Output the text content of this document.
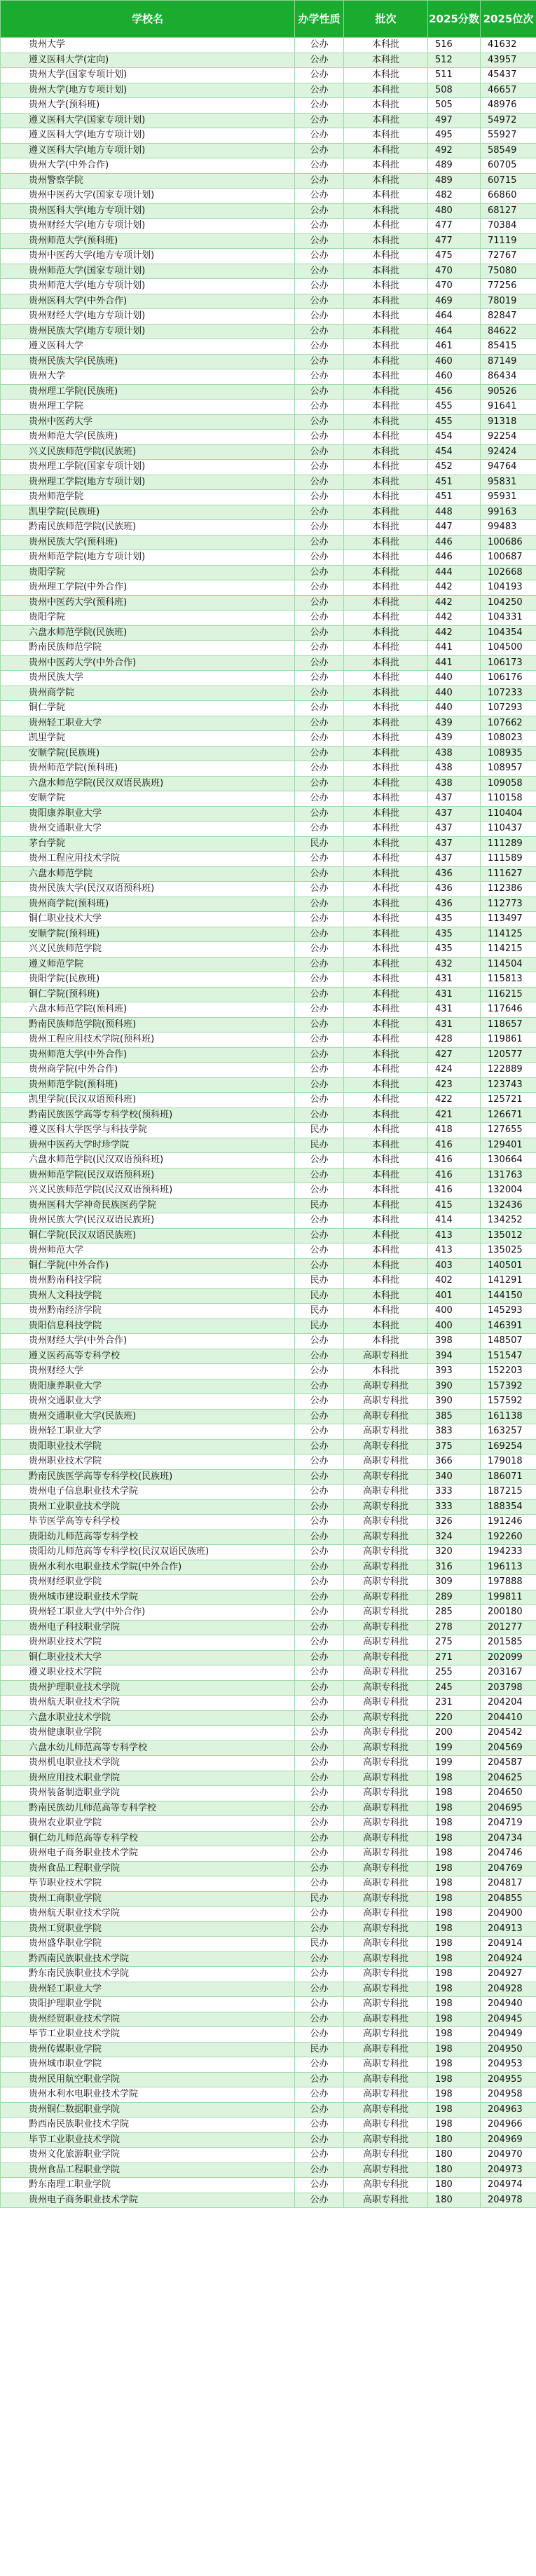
学校名	办学性质	批次	2025分数	2025位次
贵州大学	公办	本科批	516	41632
遵义医科大学(定向)	公办	本科批	512	43957
贵州大学(国家专项计划)	公办	本科批	511	45437
贵州大学(地方专项计划)	公办	本科批	508	46657
贵州大学(预科班)	公办	本科批	505	48976
遵义医科大学(国家专项计划)	公办	本科批	497	54972
遵义医科大学(地方专项计划)	公办	本科批	495	55927
遵义医科大学(地方专项计划)	公办	本科批	492	58549
贵州大学(中外合作)	公办	本科批	489	60705
贵州警察学院	公办	本科批	489	60715
贵州中医药大学(国家专项计划)	公办	本科批	482	66860
贵州医科大学(地方专项计划)	公办	本科批	480	68127
贵州财经大学(地方专项计划)	公办	本科批	477	70384
贵州师范大学(预科班)	公办	本科批	477	71119
贵州中医药大学(地方专项计划)	公办	本科批	475	72767
贵州师范大学(国家专项计划)	公办	本科批	470	75080
贵州师范大学(地方专项计划)	公办	本科批	470	77256
贵州医科大学(中外合作)	公办	本科批	469	78019
贵州财经大学(地方专项计划)	公办	本科批	464	82847
贵州民族大学(地方专项计划)	公办	本科批	464	84622
遵义医科大学	公办	本科批	461	85415
贵州民族大学(民族班)	公办	本科批	460	87149
贵州大学	公办	本科批	460	86434
贵州理工学院(民族班)	公办	本科批	456	90526
贵州理工学院	公办	本科批	455	91641
贵州中医药大学	公办	本科批	455	91318
贵州师范大学(民族班)	公办	本科批	454	92254
兴义民族师范学院(民族班)	公办	本科批	454	92424
贵州理工学院(国家专项计划)	公办	本科批	452	94764
贵州理工学院(地方专项计划)	公办	本科批	451	95831
贵州师范学院	公办	本科批	451	95931
凯里学院(民族班)	公办	本科批	448	99163
黔南民族师范学院(民族班)	公办	本科批	447	99483
贵州民族大学(预科班)	公办	本科批	446	100686
贵州师范学院(地方专项计划)	公办	本科批	446	100687
贵阳学院	公办	本科批	444	102668
贵州理工学院(中外合作)	公办	本科批	442	104193
贵州中医药大学(预科班)	公办	本科批	442	104250
贵阳学院	公办	本科批	442	104331
六盘水师范学院(民族班)	公办	本科批	442	104354
黔南民族师范学院	公办	本科批	441	104500
贵州中医药大学(中外合作)	公办	本科批	441	106173
贵州民族大学	公办	本科批	440	106176
贵州商学院	公办	本科批	440	107233
铜仁学院	公办	本科批	440	107293
贵州轻工职业大学	公办	本科批	439	107662
凯里学院	公办	本科批	439	108023
安顺学院(民族班)	公办	本科批	438	108935
贵州师范学院(预科班)	公办	本科批	438	108957
六盘水师范学院(民汉双语民族班)	公办	本科批	438	109058
安顺学院	公办	本科批	437	110158
贵阳康养职业大学	公办	本科批	437	110404
贵州交通职业大学	公办	本科批	437	110437
茅台学院	民办	本科批	437	111289
贵州工程应用技术学院	公办	本科批	437	111589
六盘水师范学院	公办	本科批	436	111627
贵州民族大学(民汉双语预科班)	公办	本科批	436	112386
贵州商学院(预科班)	公办	本科批	436	112773
铜仁职业技术大学	公办	本科批	435	113497
安顺学院(预科班)	公办	本科批	435	114125
兴义民族师范学院	公办	本科批	435	114215
遵义师范学院	公办	本科批	432	114504
贵阳学院(民族班)	公办	本科批	431	115813
铜仁学院(预科班)	公办	本科批	431	116215
六盘水师范学院(预科班)	公办	本科批	431	117646
黔南民族师范学院(预科班)	公办	本科批	431	118657
贵州工程应用技术学院(预科班)	公办	本科批	428	119861
贵州师范大学(中外合作)	公办	本科批	427	120577
贵州商学院(中外合作)	公办	本科批	424	122889
贵州师范学院(预科班)	公办	本科批	423	123743
凯里学院(民汉双语预科班)	公办	本科批	422	125721
黔南民族医学高等专科学校(预科班)	公办	本科批	421	126671
遵义医科大学医学与科技学院	民办	本科批	418	127655
贵州中医药大学时珍学院	民办	本科批	416	129401
六盘水师范学院(民汉双语预科班)	公办	本科批	416	130664
贵州师范学院(民汉双语预科班)	公办	本科批	416	131763
兴义民族师范学院(民汉双语预科班)	公办	本科批	416	132004
贵州医科大学神奇民族医药学院	民办	本科批	415	132436
贵州民族大学(民汉双语民族班)	公办	本科批	414	134252
铜仁学院(民汉双语民族班)	公办	本科批	413	135012
贵州师范大学	公办	本科批	413	135025
铜仁学院(中外合作)	公办	本科批	403	140501
贵州黔南科技学院	民办	本科批	402	141291
贵州人文科技学院	民办	本科批	401	144150
贵州黔南经济学院	民办	本科批	400	145293
贵阳信息科技学院	民办	本科批	400	146391
贵州财经大学(中外合作)	公办	本科批	398	148507
遵义医药高等专科学校	公办	高职专科批	394	151547
贵州财经大学	公办	本科批	393	152203
贵阳康养职业大学	公办	高职专科批	390	157392
贵州交通职业大学	公办	高职专科批	390	157592
贵州交通职业大学(民族班)	公办	高职专科批	385	161138
贵州轻工职业大学	公办	高职专科批	383	163257
贵阳职业技术学院	公办	高职专科批	375	169254
贵州职业技术学院	公办	高职专科批	366	179018
黔南民族医学高等专科学校(民族班)	公办	高职专科批	340	186071
贵州电子信息职业技术学院	公办	高职专科批	333	187215
贵州工业职业技术学院	公办	高职专科批	333	188354
毕节医学高等专科学校	公办	高职专科批	326	191246
贵阳幼儿师范高等专科学校	公办	高职专科批	324	192260
贵阳幼儿师范高等专科学校(民汉双语民族班)	公办	高职专科批	320	194233
贵州水利水电职业技术学院(中外合作)	公办	高职专科批	316	196113
贵州财经职业学院	公办	高职专科批	309	197888
贵州城市建设职业技术学院	公办	高职专科批	289	199811
贵州轻工职业大学(中外合作)	公办	高职专科批	285	200180
贵州电子科技职业学院	公办	高职专科批	278	201277
贵州职业技术学院	公办	高职专科批	275	201585
铜仁职业技术大学	公办	高职专科批	271	202099
遵义职业技术学院	公办	高职专科批	255	203167
贵州护理职业技术学院	公办	高职专科批	245	203798
贵州航天职业技术学院	公办	高职专科批	231	204204
六盘水职业技术学院	公办	高职专科批	220	204410
贵州健康职业学院	公办	高职专科批	200	204542
六盘水幼儿师范高等专科学校	公办	高职专科批	199	204569
贵州机电职业技术学院	公办	高职专科批	199	204587
贵州应用技术职业学院	公办	高职专科批	198	204625
贵州装备制造职业学院	公办	高职专科批	198	204650
黔南民族幼儿师范高等专科学校	公办	高职专科批	198	204695
贵州农业职业学院	公办	高职专科批	198	204719
铜仁幼儿师范高等专科学校	公办	高职专科批	198	204734
贵州电子商务职业技术学院	公办	高职专科批	198	204746
贵州食品工程职业学院	公办	高职专科批	198	204769
毕节职业技术学院	公办	高职专科批	198	204817
贵州工商职业学院	民办	高职专科批	198	204855
贵州航天职业技术学院	公办	高职专科批	198	204900
贵州工贸职业学院	公办	高职专科批	198	204913
贵州盛华职业学院	民办	高职专科批	198	204914
黔西南民族职业技术学院	公办	高职专科批	198	204924
黔东南民族职业技术学院	公办	高职专科批	198	204927
贵州轻工职业大学	公办	高职专科批	198	204928
贵阳护理职业学院	公办	高职专科批	198	204940
贵州经贸职业技术学院	公办	高职专科批	198	204945
毕节工业职业技术学院	公办	高职专科批	198	204949
贵州传媒职业学院	民办	高职专科批	198	204950
贵州城市职业学院	公办	高职专科批	198	204953
贵州民用航空职业学院	公办	高职专科批	198	204955
贵州水利水电职业技术学院	公办	高职专科批	198	204958
贵州铜仁数据职业学院	公办	高职专科批	198	204963
黔西南民族职业技术学院	公办	高职专科批	198	204966
毕节工业职业技术学院	公办	高职专科批	180	204969
贵州文化旅游职业学院	公办	高职专科批	180	204970
贵州食品工程职业学院	公办	高职专科批	180	204973
黔东南理工职业学院	公办	高职专科批	180	204974
贵州电子商务职业技术学院	公办	高职专科批	180	204978
